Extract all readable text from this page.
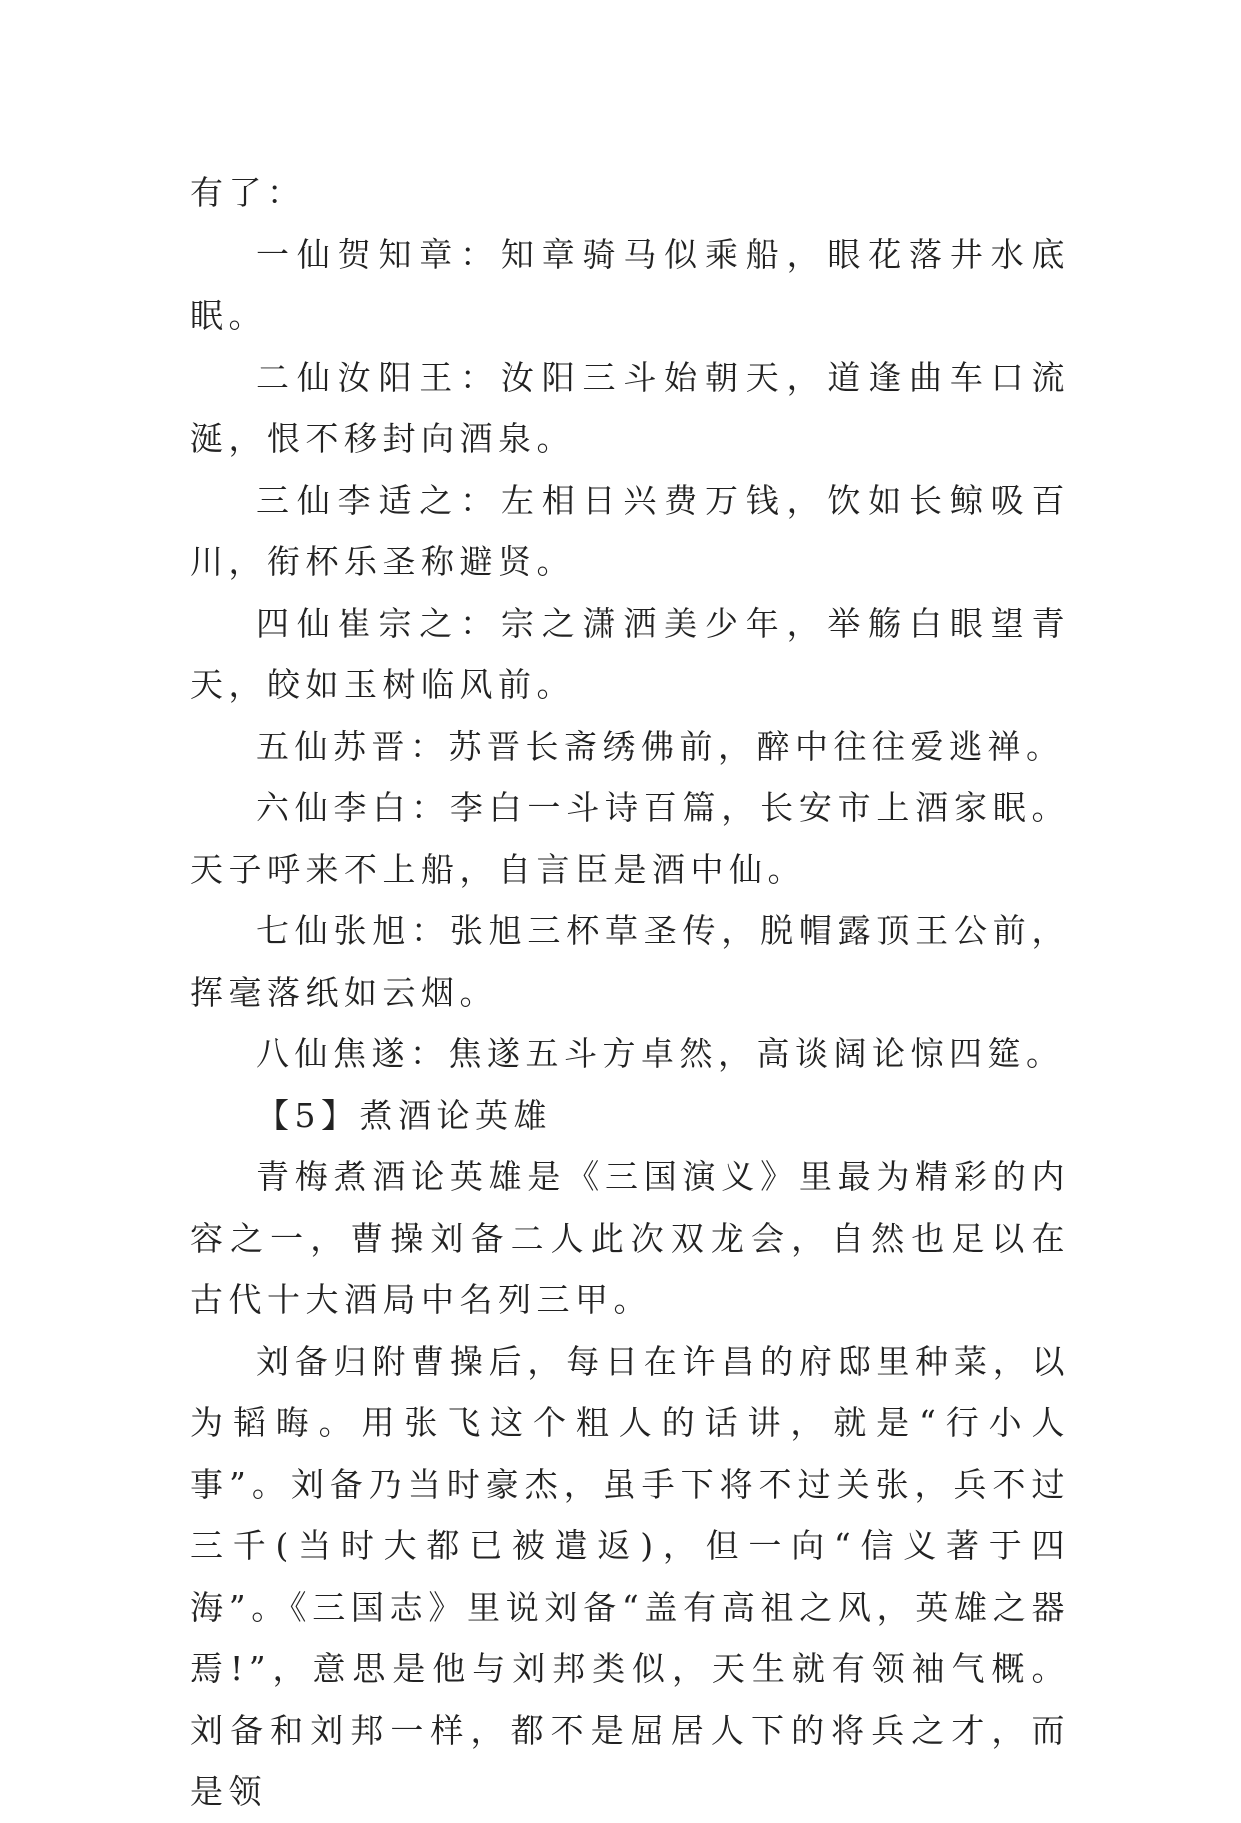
有了：

一仙贺知章：知章骑马似乘船，眼花落井水底眠。

二仙汝阳王：汝阳三斗始朝天，道逢曲车口流涎，恨不移封向酒泉。

三仙李适之：左相日兴费万钱，饮如长鲸吸百川，衔杯乐圣称避贤。

四仙崔宗之：宗之潇洒美少年，举觞白眼望青天，皎如玉树临风前。

五仙苏晋：苏晋长斋绣佛前，醉中往往爱逃禅。

六仙李白：李白一斗诗百篇，长安市上酒家眠。天子呼来不上船，自言臣是酒中仙。

七仙张旭：张旭三杯草圣传，脱帽露顶王公前，挥毫落纸如云烟。

八仙焦遂：焦遂五斗方卓然，高谈阔论惊四筵。

【5】煮酒论英雄

青梅煮酒论英雄是《三国演义》里最为精彩的内容之一，曹操刘备二人此次双龙会，自然也足以在古代十大酒局中名列三甲。

刘备归附曹操后，每日在许昌的府邸里种菜，以为韬晦。用张飞这个粗人的话讲，就是“行小人事”。刘备乃当时豪杰，虽手下将不过关张，兵不过三千(当时大都已被遣返)，但一向“信义著于四海”。《三国志》里说刘备“盖有高祖之风，英雄之器焉!”，意思是他与刘邦类似，天生就有领袖气概。刘备和刘邦一样，都不是屈居人下的将兵之才，而是领
